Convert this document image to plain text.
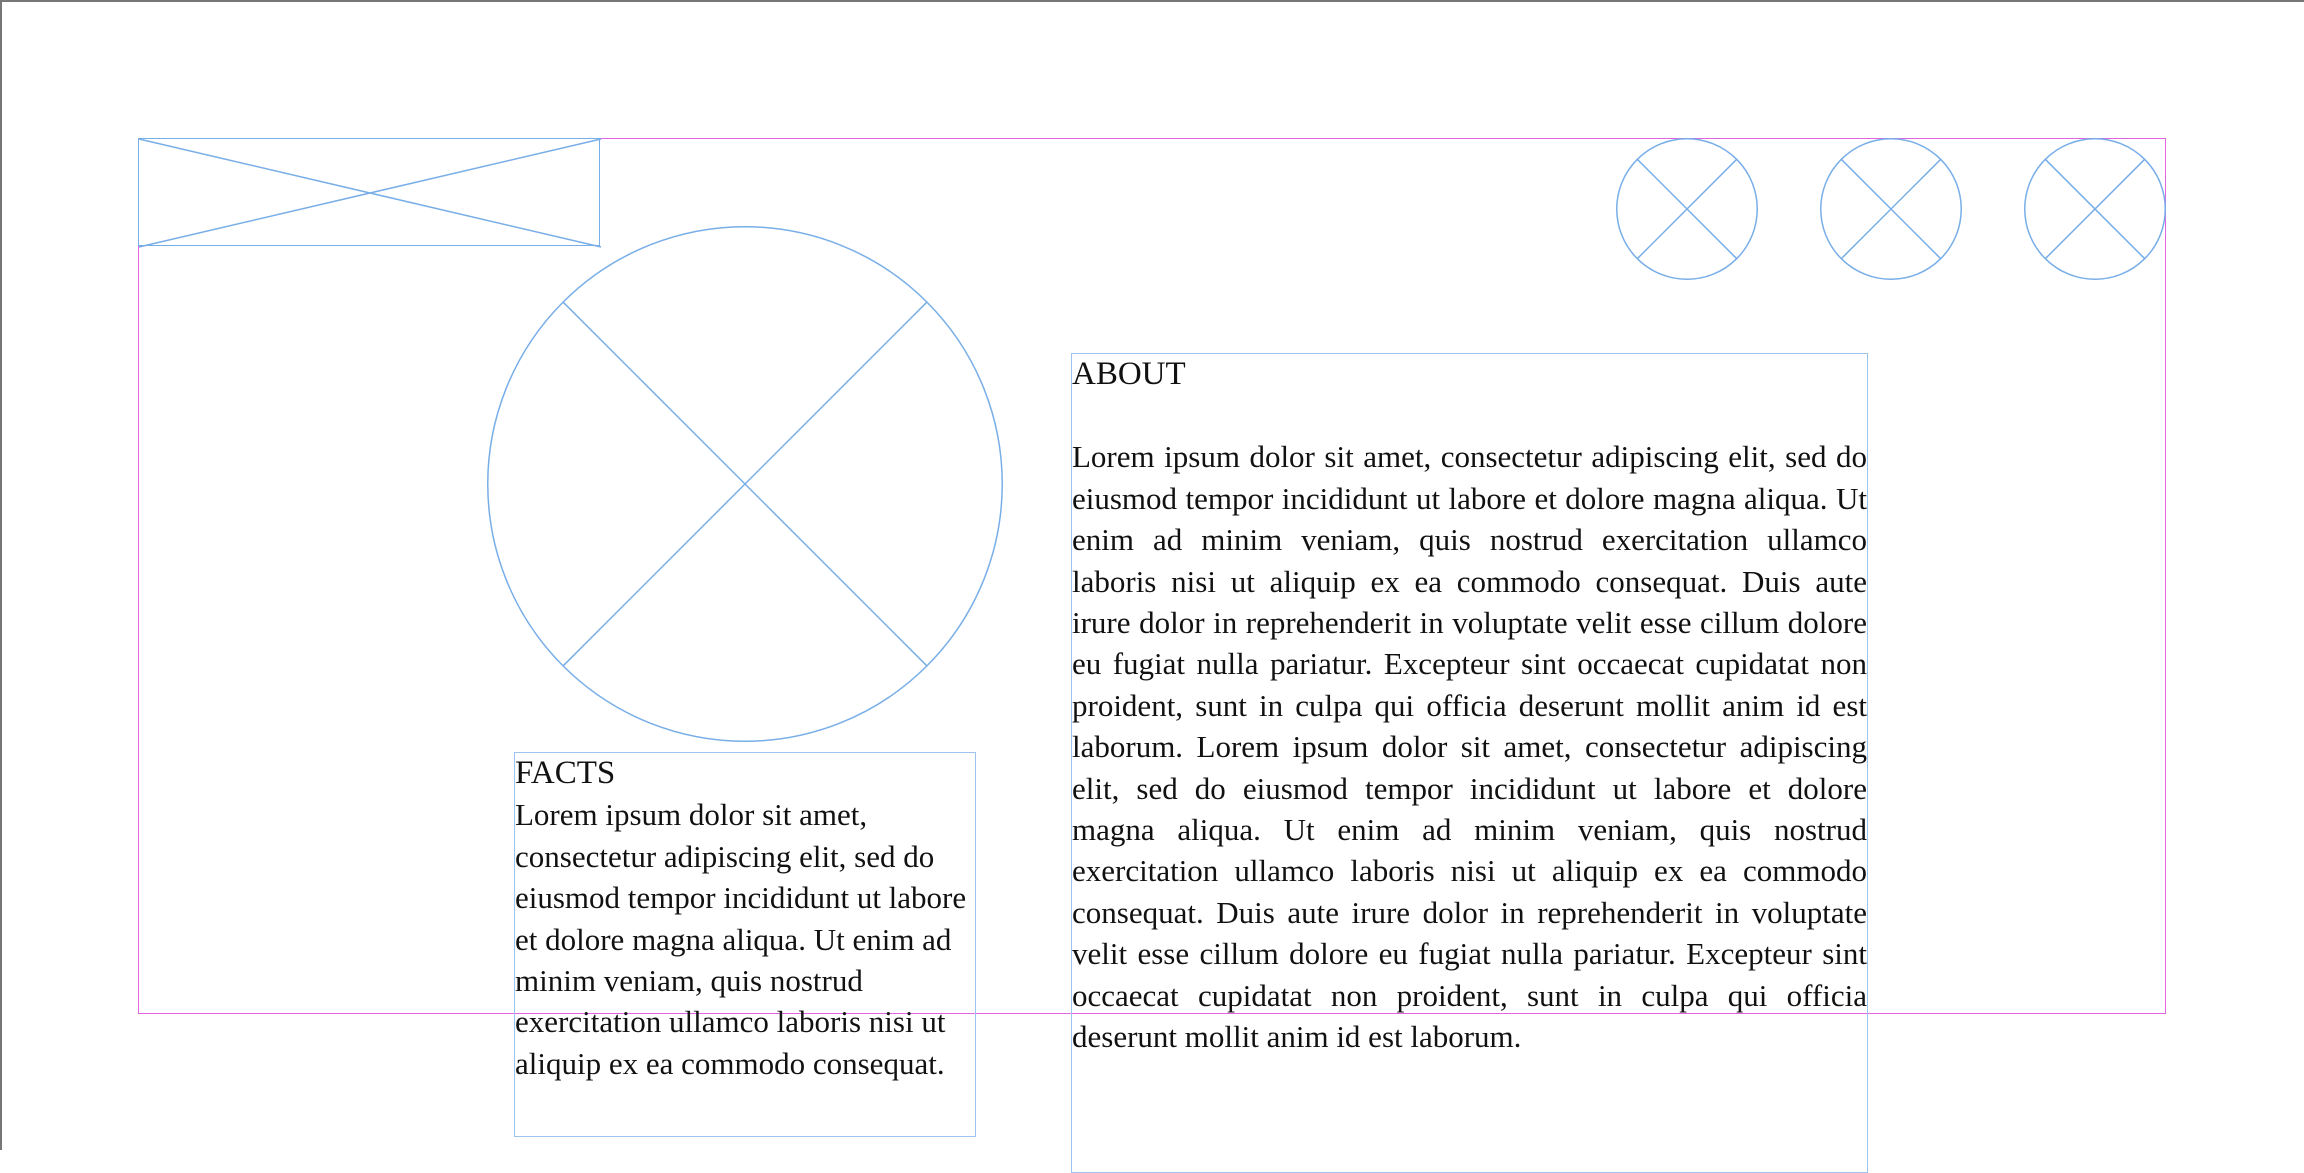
FACTS
Lorem ipsum dolor sit amet, consectetur adipiscing elit, sed do eiusmod tempor incididunt ut labore et dolore magna aliqua. Ut enim ad minim veniam, quis nostrud exercitation ullamco laboris nisi ut aliquip ex ea commodo consequat.
ABOUT
Lorem ipsum dolor sit amet, consectetur adipiscing elit, sed do eiusmod tempor incididunt ut labore et dolore magna aliqua. Ut enim ad minim veniam, quis nostrud exercitation ullamco laboris nisi ut aliquip ex ea commodo consequat. Duis aute irure dolor in reprehenderit in voluptate velit esse cillum dolore eu fugiat nulla pariatur. Excepteur sint occaecat cupidatat non proident, sunt in culpa qui officia deserunt mollit anim id est laborum. Lorem ipsum dolor sit amet, consectetur adipiscing elit, sed do eiusmod tempor incididunt ut labore et dolore magna aliqua. Ut enim ad minim veniam, quis nostrud exercitation ullamco laboris nisi ut aliquip ex ea commodo consequat. Duis aute irure dolor in reprehenderit in voluptate velit esse cillum dolore eu fugiat nulla pariatur. Excepteur sint occaecat cupidatat non proident, sunt in culpa qui officia deserunt mollit anim id est laborum.
